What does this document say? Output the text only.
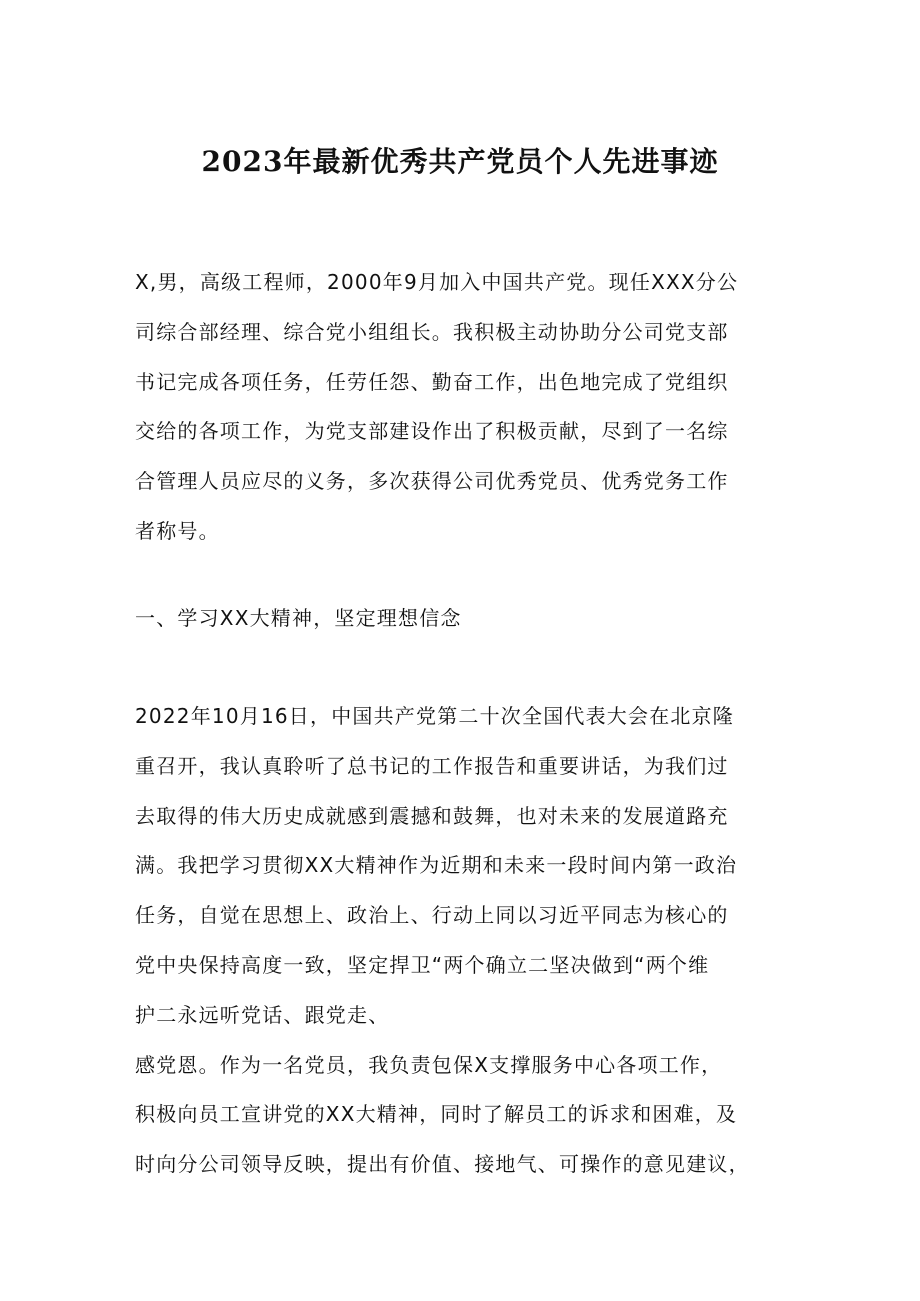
2023年最新优秀共产党员个人先进事迹
X,男，高级工程师，2000年9月加入中国共产党。现任XXX分公
司综合部经理、综合党小组组长。我积极主动协助分公司党支部
书记完成各项任务，任劳任怨、勤奋工作，出色地完成了党组织
交给的各项工作，为党支部建设作出了积极贡献，尽到了一名综
合管理人员应尽的义务，多次获得公司优秀党员、优秀党务工作
者称号。
一、学习XX大精神，坚定理想信念
2022年10月16日，中国共产党第二十次全国代表大会在北京隆
重召开，我认真聆听了总书记的工作报告和重要讲话，为我们过
去取得的伟大历史成就感到震撼和鼓舞，也对未来的发展道路充
满。我把学习贯彻XX大精神作为近期和未来一段时间内第一政治
任务，自觉在思想上、政治上、行动上同以习近平同志为核心的
党中央保持高度一致，坚定捍卫“两个确立二坚决做到“两个维
护二永远听党话、跟党走、
感党恩。作为一名党员，我负责包保X支撑服务中心各项工作，
积极向员工宣讲党的XX大精神，同时了解员工的诉求和困难，及
时向分公司领导反映，提出有价值、接地气、可操作的意见建议，
